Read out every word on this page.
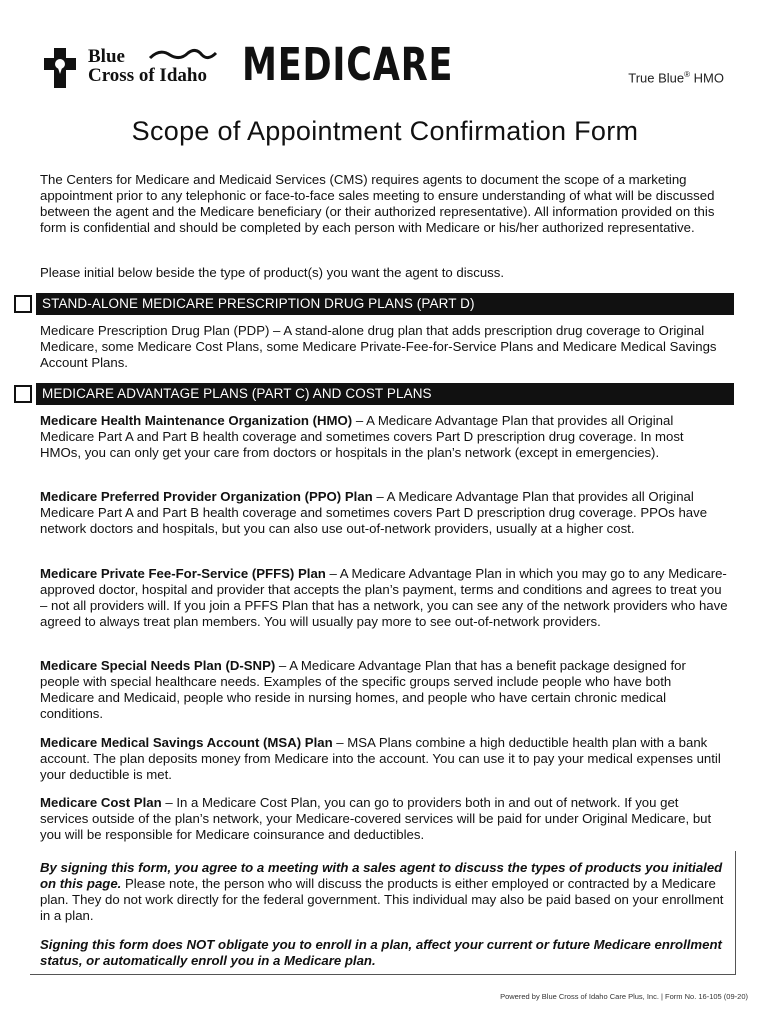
Blue
Cross of Idaho MEDICARE	True Blue® HMO
Scope of Appointment Confirmation Form

The Centers for Medicare and Medicaid Services (CMS) requires agents to document the scope of a marketing appointment prior to any telephonic or face-to-face sales meeting to ensure understanding of what will be discussed between the agent and the Medicare beneficiary (or their authorized representative). All information provided on this form is confidential and should be completed by each person with Medicare or his/her authorized representative.

Please initial below beside the type of product(s) you want the agent to discuss.

STAND-ALONE MEDICARE PRESCRIPTION DRUG PLANS (PART D)

Medicare Prescription Drug Plan (PDP) – A stand-alone drug plan that adds prescription drug coverage to Original Medicare, some Medicare Cost Plans, some Medicare Private-Fee-for-Service Plans and Medicare Medical Savings Account Plans.

MEDICARE ADVANTAGE PLANS (PART C) AND COST PLANS

Medicare Health Maintenance Organization (HMO) – A Medicare Advantage Plan that provides all Original Medicare Part A and Part B health coverage and sometimes covers Part D prescription drug coverage. In most HMOs, you can only get your care from doctors or hospitals in the plan’s network (except in emergencies).

Medicare Preferred Provider Organization (PPO) Plan – A Medicare Advantage Plan that provides all Original Medicare Part A and Part B health coverage and sometimes covers Part D prescription drug coverage. PPOs have network doctors and hospitals, but you can also use out-of-network providers, usually at a higher cost.

Medicare Private Fee-For-Service (PFFS) Plan – A Medicare Advantage Plan in which you may go to any Medicare-approved doctor, hospital and provider that accepts the plan’s payment, terms and conditions and agrees to treat you – not all providers will. If you join a PFFS Plan that has a network, you can see any of the network providers who have agreed to always treat plan members. You will usually pay more to see out-of-network providers.

Medicare Special Needs Plan (D-SNP) – A Medicare Advantage Plan that has a benefit package designed for people with special healthcare needs. Examples of the specific groups served include people who have both Medicare and Medicaid, people who reside in nursing homes, and people who have certain chronic medical conditions.

Medicare Medical Savings Account (MSA) Plan – MSA Plans combine a high deductible health plan with a bank account. The plan deposits money from Medicare into the account. You can use it to pay your medical expenses until your deductible is met.

Medicare Cost Plan – In a Medicare Cost Plan, you can go to providers both in and out of network. If you get services outside of the plan’s network, your Medicare-covered services will be paid for under Original Medicare, but you will be responsible for Medicare coinsurance and deductibles.

By signing this form, you agree to a meeting with a sales agent to discuss the types of products you initialed on this page. Please note, the person who will discuss the products is either employed or contracted by a Medicare plan. They do not work directly for the federal government. This individual may also be paid based on your enrollment in a plan.

Signing this form does NOT obligate you to enroll in a plan, affect your current or future Medicare enrollment status, or automatically enroll you in a Medicare plan.

Powered by Blue Cross of Idaho Care Plus, Inc. | Form No. 16-105 (09-20)
